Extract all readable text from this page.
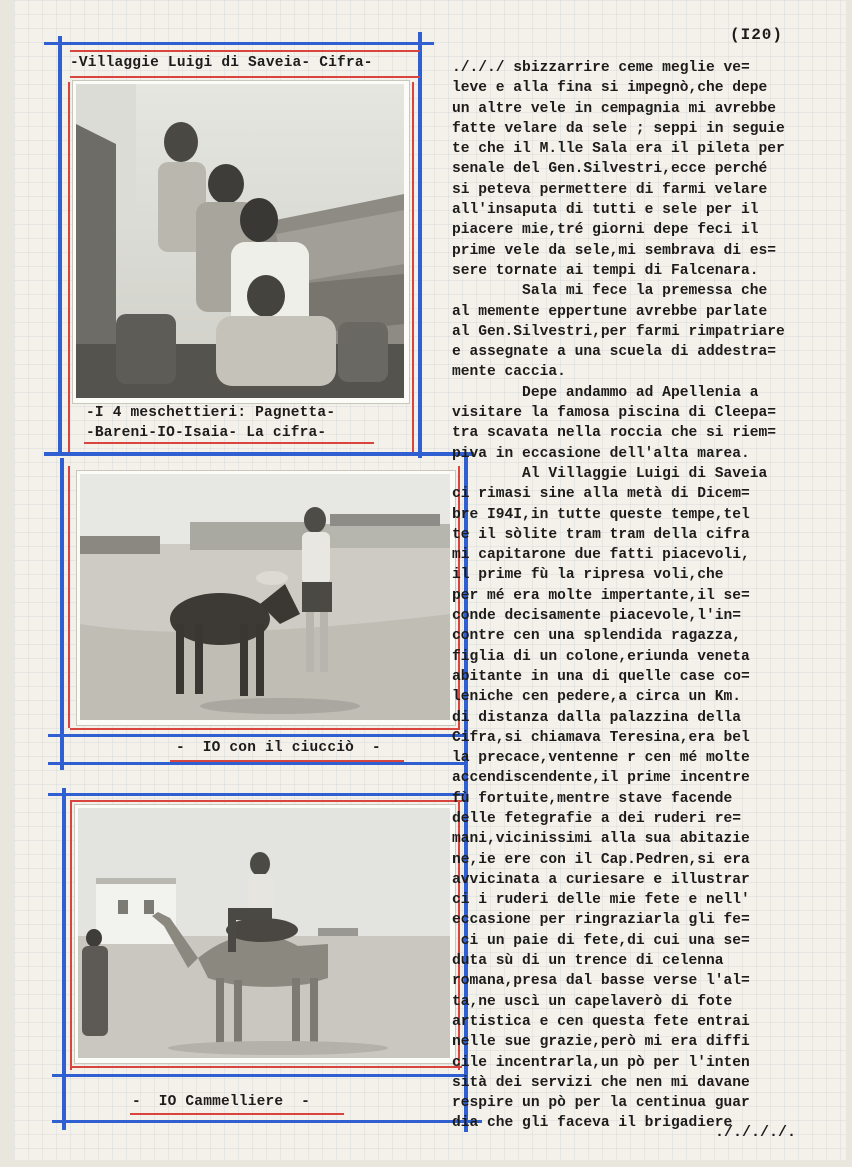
(I20)
-Villaggie Luigi di Saveia- Cifra-
-I 4 meschettieri: Pagnetta-
-Bareni-IO-Isaia- La cifra-
-  IO con il ciucciò  -
-  IO Cammelliere  -
./././ sbizzarrire ceme meglie ve=
leve e alla fina si impegnò,che depe
un altre vele in cempagnia mi avrebbe
fatte velare da sele ; seppi in seguie
te che il M.lle Sala era il pileta per
senale del Gen.Silvestri,ecce perché
si peteva permettere di farmi velare
all'insaputa di tutti e sele per il
piacere mie,tré giorni depe feci il
prime vele da sele,mi sembrava di es=
sere tornate ai tempi di Falcenara.
Sala mi fece la premessa che
al memente eppertune avrebbe parlate
al Gen.Silvestri,per farmi rimpatriare
e assegnate a una scuela di addestra=
mente caccia.
Depe andammo ad Apellenia a
visitare la famosa piscina di Cleepa=
tra scavata nella roccia che si riem=
piva in eccasione dell'alta marea.
Al Villaggie Luigi di Saveia
ci rimasi sine alla metà di Dicem=
bre I94I,in tutte queste tempe,tel
te il sòlite tram tram della cifra
mi capitarone due fatti piacevoli,
il prime fù la ripresa voli,che
per mé era molte impertante,il se=
conde decisamente piacevole,l'in=
contre cen una splendida ragazza,
figlia di un colone,eriunda veneta
abitante in una di quelle case co=
leniche cen pedere,a circa un Km.
di distanza dalla palazzina della
Cifra,si chiamava Teresina,era bel
la precace,ventenne r cen mé molte
accendiscendente,il prime incentre
fù fortuite,mentre stave facende
delle fetegrafie a dei ruderi re=
mani,vicinissimi alla sua abitazie
ne,ie ere con il Cap.Pedren,si era
avvicinata a curiesare e illustrar
ci i ruderi delle mie fete e nell'
eccasione per ringraziarla gli fe=
ci un paie di fete,di cui una se=
duta sù di un trence di celenna
romana,presa dal basse verse l'al=
ta,ne uscì un capelaverò di fote
artistica e cen questa fete entrai
nelle sue grazie,però mi era diffi
cile incentrarla,un pò per l'inten
sità dei servizi che nen mi davane
respire un pò per la centinua guar
dia che gli faceva il brigadiere
././././.
